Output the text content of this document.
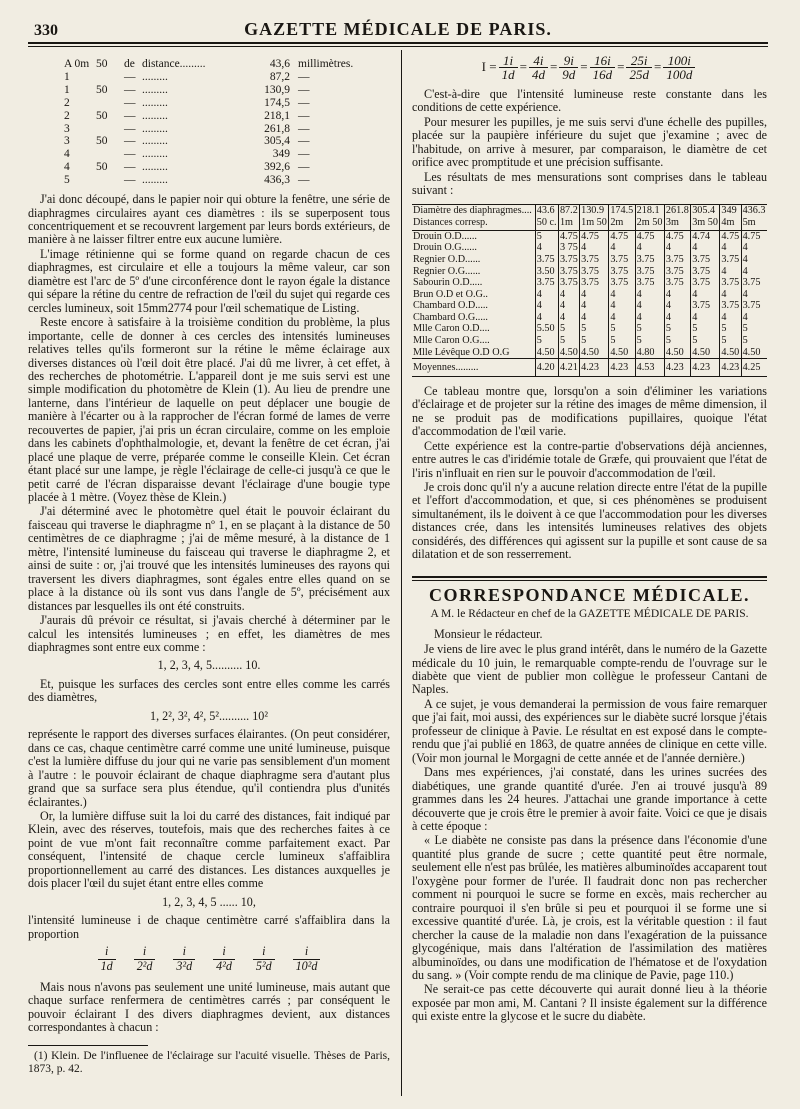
330	GAZETTE MÉDICALE DE PARIS.
A 0m 50	de distance.........	43,6 millimètres.
1	— .........	87,2 —
1	50	— .........	130,9 —
2	— .........	174,5 —
2	50	— .........	218,1 —
3	— .........	261,8 —
3	50	— .........	305,4 —
4	— .........	349 —
4	50	— .........	392,6 —
5	— .........	436,3 —

J'ai donc découpé, dans le papier noir qui obture la fenêtre, une série de diaphragmes circulaires ayant ces diamètres : ils se superposent tous concentriquement et se recouvrent largement par leurs bords extérieurs, de manière à ne laisser filtrer entre eux aucune lumière.

L'image rétinienne qui se forme quand on regarde chacun de ces diaphragmes, est circulaire et elle a toujours la même valeur, car son diamètre est l'arc de 5º d'une circonférence dont le rayon égale la distance qui sépare la rétine du centre de refraction de l'œil du sujet qui regarde ces cercles lumineux, soit 15mm2774 pour l'œil schematique de Listing.

Reste encore à satisfaire à la troisième condition du problème, la plus importante, celle de donner à ces cercles des intensités lumineuses relatives telles qu'ils formeront sur la rétine le même éclairage aux diverses distances où l'œil doit être placé. J'ai dû me livrer, à cet effet, à des recherches de photométrie. L'appareil dont je me suis servi est une simple modification du photomètre de Klein (1). Au lieu de prendre une lanterne, dans l'intérieur de laquelle on peut déplacer une bougie de manière à l'écarter ou à la rapprocher de l'écran formé de lames de verre recouvertes de papier, j'ai pris un écran circulaire, comme on les emploie dans les cabinets d'ophthalmologie, et, devant la fenêtre de cet écran, j'ai placé une plaque de verre, préparée comme le conseille Klein. Cet écran étant placé sur une lampe, je règle l'éclairage de celle-ci jusqu'à ce que le petit carré de l'écran disparaisse devant l'éclairage d'une bougie type placée à 1 mètre. (Voyez thèse de Klein.)

J'ai déterminé avec le photomètre quel était le pouvoir éclairant du faisceau qui traverse le diaphragme nº 1, en se plaçant à la distance de 50 centimètres de ce diaphragme ; j'ai de même mesuré, à la distance de 1 mètre, l'intensité lumineuse du faisceau qui traverse le diaphragme 2, et ainsi de suite : or, j'ai trouvé que les intensités lumineuses des rayons qui traversent les divers diaphragmes, sont égales entre elles quand on se place à la distance où ils sont vus dans l'angle de 5º, précisément aux distances par lesquelles ils ont été construits.

J'aurais dû prévoir ce résultat, si j'avais cherché à déterminer par le calcul les intensités lumineuses ; en effet, les diamètres de mes diaphragmes sont entre eux comme :

1, 2, 3, 4, 5.......... 10.

Et, puisque les surfaces des cercles sont entre elles comme les carrés des diamètres,

1, 2², 3², 4², 5².......... 10²

représente le rapport des diverses surfaces élairantes. (On peut considérer, dans ce cas, chaque centimètre carré comme une unité lumineuse, puisque c'est la lumière diffuse du jour qui ne varie pas sensiblement d'un moment à l'autre : le pouvoir éclairant de chaque diaphragme sera d'autant plus grand que sa surface sera plus étendue, qu'il contiendra plus d'unités éclairantes.)

Or, la lumière diffuse suit la loi du carré des distances, fait indiqué par Klein, avec des réserves, toutefois, mais que des recherches faites à ce point de vue m'ont fait reconnaître comme parfaitement exact. Par conséquent, l'intensité de chaque cercle lumineux s'affaiblira proportionnellement au carré des distances. Les distances auxquelles je dois placer l'œil du sujet étant entre elles comme

1, 2, 3, 4, 5 ...... 10,

l'intensité lumineuse i de chaque centimètre carré s'affaiblira dans la proportion

$\frac{i}{1d} \frac{i}{\text{2²d}} \frac{i}{\text{3²d}} \frac{i}{\text{4²d}} \frac{i}{\text{5²d}} \frac{i}{\text{10²d}}$

Mais nous n'avons pas seulement une unité lumineuse, mais autant que chaque surface renfermera de centimètres carrés ; par conséquent le pouvoir éclairant I des divers diaphragmes devient, aux distances correspondantes à chacun :

(1) Klein. De l'influenee de l'éclairage sur l'acuité visuelle. Thèses de Paris, 1873, p. 42.

$I = \frac{1i}{1d} = \frac{4i}{4d} = \frac{9i}{9d} = \frac{16i}{16d} = \frac{25i}{25d} = \frac{100i}{100d}$

C'est-à-dire que l'intensité lumineuse reste constante dans les conditions de cette expérience.

Pour mesurer les pupilles, je me suis servi d'une échelle des pupilles, placée sur la paupière inférieure du sujet que j'examine ; avec de l'habitude, on arrive à mesurer, par comparaison, le diamètre de cet orifice avec promptitude et une précision suffisante.

Les résultats de mes mensurations sont comprises dans le tableau suivant :

Diamètre des diaphragmes....	43.6	87.2	130.9	174.5	218.1	261.8	305.4	349	436.3
Distances corresp.	50 c.	1m	1m 50	2m	2m 50	3m	3m 50	4m	5m
Drouin O.D......	5	4.75	4.75	4.75	4.75	4.75	4.74	4.75	4.75
Drouin O.G......	4	3 75	4	4	4	4	4	4	4
Regnier O.D......	3.75	3.75	3.75	3.75	3.75	3.75	3.75	3.75	4
Regnier O.G......	3.50	3.75	3.75	3.75	3.75	3.75	3.75	4	4
Sabourin O.D.....	3.75	3.75	3.75	3.75	3.75	3.75	3.75	3.75	3.75
Brun O.D et O.G..	4	4	4	4	4	4	4	4	4
Chambard O.D.....	4	4	4	4	4	4	3.75	3.75	3.75
Chambard O.G.....	4	4	4	4	4	4	4	4	4
Mlle Caron O.D....	5.50	5	5	5	5	5	5	5	5
Mlle Caron O.G....	5	5	5	5	5	5	5	5	5
Mlle Lévêque O.D O.G	4.50	4.50	4.50	4.50	4.80	4.50	4.50	4.50	4.50
Moyennes.........	4.20	4.21	4.23	4.23	4.53	4.23	4.23	4.23	4.25

Ce tableau montre que, lorsqu'on a soin d'éliminer les variations d'éclairage et de projeter sur la rétine des images de même dimension, il ne se produit pas de modifications pupillaires, quoique l'état d'accommodation de l'œil varie.

Cette expérience est la contre-partie d'observations déjà anciennes, entre autres le cas d'iridémie totale de Græfe, qui prouvaient que l'état de l'iris n'influait en rien sur le pouvoir d'accommodation de l'œil.

Je crois donc qu'il n'y a aucune relation directe entre l'état de la pupille et l'effort d'accommodation, et que, si ces phénomènes se produisent simultanément, ils le doivent à ce que l'accommodation pour les diverses distances crée, dans les intensités lumineuses relatives des objets considérés, des différences qui agissent sur la pupille et sont cause de sa dilatation et de son resserrement.

CORRESPONDANCE MÉDICALE.
A M. le Rédacteur en chef de la GAZETTE MÉDICALE DE PARIS.

Monsieur le rédacteur.

Je viens de lire avec le plus grand intérêt, dans le numéro de la Gazette médicale du 10 juin, le remarquable compte-rendu de l'ouvrage sur le diabète que vient de publier mon collègue le professeur Cantani de Naples.

A ce sujet, je vous demanderai la permission de vous faire remarquer que j'ai fait, moi aussi, des expériences sur le diabète sucré lorsque j'étais professeur de clinique à Pavie. Le résultat en est exposé dans le compte-rendu que j'ai publié en 1863, de quatre années de clinique en cette ville. (Voir mon journal le Morgagni de cette année et de l'année dernière.)

Dans mes expériences, j'ai constaté, dans les urines sucrées des diabétiques, une grande quantité d'urée. J'en ai trouvé jusqu'à 89 grammes dans les 24 heures. J'attachai une grande importance à cette découverte que je crois être le premier à avoir faite. Voici ce que je disais à cette époque :

« Le diabète ne consiste pas dans la présence dans l'économie d'une quantité plus grande de sucre ; cette quantité peut être normale, seulement elle n'est pas brûlée, les matières albuminoïdes accaparent tout l'oxygène pour former de l'urée. Il faudrait donc non pas rechercher comment ni pourquoi le sucre se forme en excès, mais rechercher au contraire pourquoi il s'en brûle si peu et pourquoi il se forme une si excessive quantité d'urée. Là, je crois, est la véritable question : il faut chercher la cause de la maladie non dans l'exagération de la puissance glycogénique, mais dans l'altération de l'assimilation des matières albuminoïdes, ou dans une modification de l'hématose et de l'oxydation du sang. » (Voir compte rendu de ma clinique de Pavie, page 110.)

Ne serait-ce pas cette découverte qui aurait donné lieu à la théorie exposée par mon ami, M. Cantani ? Il insiste également sur la différence qui existe entre la glycose et le sucre du diabète.
